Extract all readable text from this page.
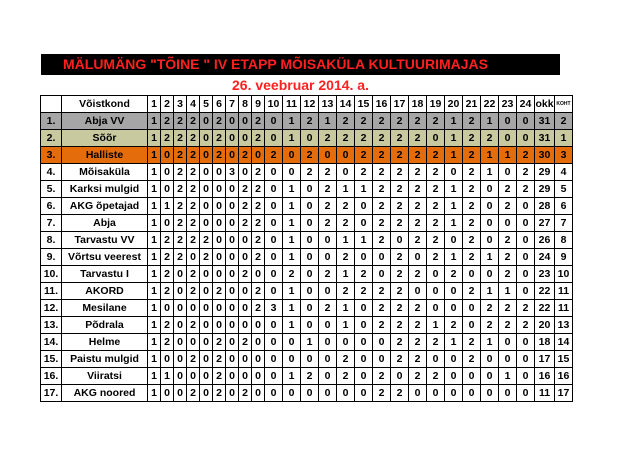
MÄLUMÄNG "TÕINE " IV ETAPP MÕISAKÜLA KULTUURIMAJAS
26. veebruar 2014. a.
	Võistkond	1	2	3	4	5	6	7	8	9	10	11	12	13	14	15	16	17	18	19	20	21	22	23	24	okk	KOHT
1.	Abja VV	1	2	2	2	0	2	0	0	2	0	1	2	1	2	2	2	2	2	2	1	2	1	0	0	31	2
2.	Sõõr	1	2	2	2	0	2	0	0	2	0	1	0	2	2	2	2	2	2	0	1	2	2	0	0	31	1
3.	Halliste	1	0	2	2	0	2	0	2	0	2	0	2	0	0	2	2	2	2	2	1	2	1	1	2	30	3
4.	Mõisaküla	1	0	2	2	0	0	3	0	2	0	0	2	2	0	2	2	2	2	2	0	2	1	0	2	29	4
5.	Karksi mulgid	1	0	2	2	0	0	0	2	2	0	1	0	2	1	1	2	2	2	2	1	2	0	2	2	29	5
6.	AKG õpetajad	1	1	2	2	0	0	0	2	2	0	1	0	2	2	0	2	2	2	2	1	2	0	2	0	28	6
7.	Abja	1	0	2	2	0	0	0	2	2	0	1	0	2	2	0	2	2	2	2	1	2	0	0	0	27	7
8.	Tarvastu VV	1	2	2	2	2	0	0	0	2	0	1	0	0	1	1	2	0	2	2	0	2	0	2	0	26	8
9.	Võrtsu veerest	1	2	2	0	2	0	0	0	2	0	1	0	0	2	0	0	2	0	2	1	2	1	2	0	24	9
10.	Tarvastu I	1	2	0	2	0	0	0	2	0	0	2	0	2	1	2	0	2	2	0	2	0	0	2	0	23	10
11.	AKORD	1	2	0	2	0	2	0	0	2	0	1	0	0	2	2	2	2	0	0	0	2	1	1	0	22	11
12.	Mesilane	1	0	0	0	0	0	0	0	2	3	1	0	2	1	0	2	2	2	0	0	0	2	2	2	22	11
13.	Põdrala	1	2	0	2	0	0	0	0	0	0	1	0	0	1	0	2	2	2	1	2	0	2	2	2	20	13
14.	Helme	1	2	0	0	0	2	0	2	0	0	0	1	0	0	0	0	2	2	2	1	2	1	0	0	18	14
15.	Paistu mulgid	1	0	0	2	0	2	0	0	0	0	0	0	0	2	0	0	2	2	0	0	2	0	0	0	17	15
16.	Viiratsi	1	1	0	0	0	2	0	0	0	0	1	2	0	2	0	2	0	2	2	0	0	0	1	0	16	16
17.	AKG noored	1	0	0	2	0	2	0	2	0	0	0	0	0	0	0	2	2	0	0	0	0	0	0	0	11	17
